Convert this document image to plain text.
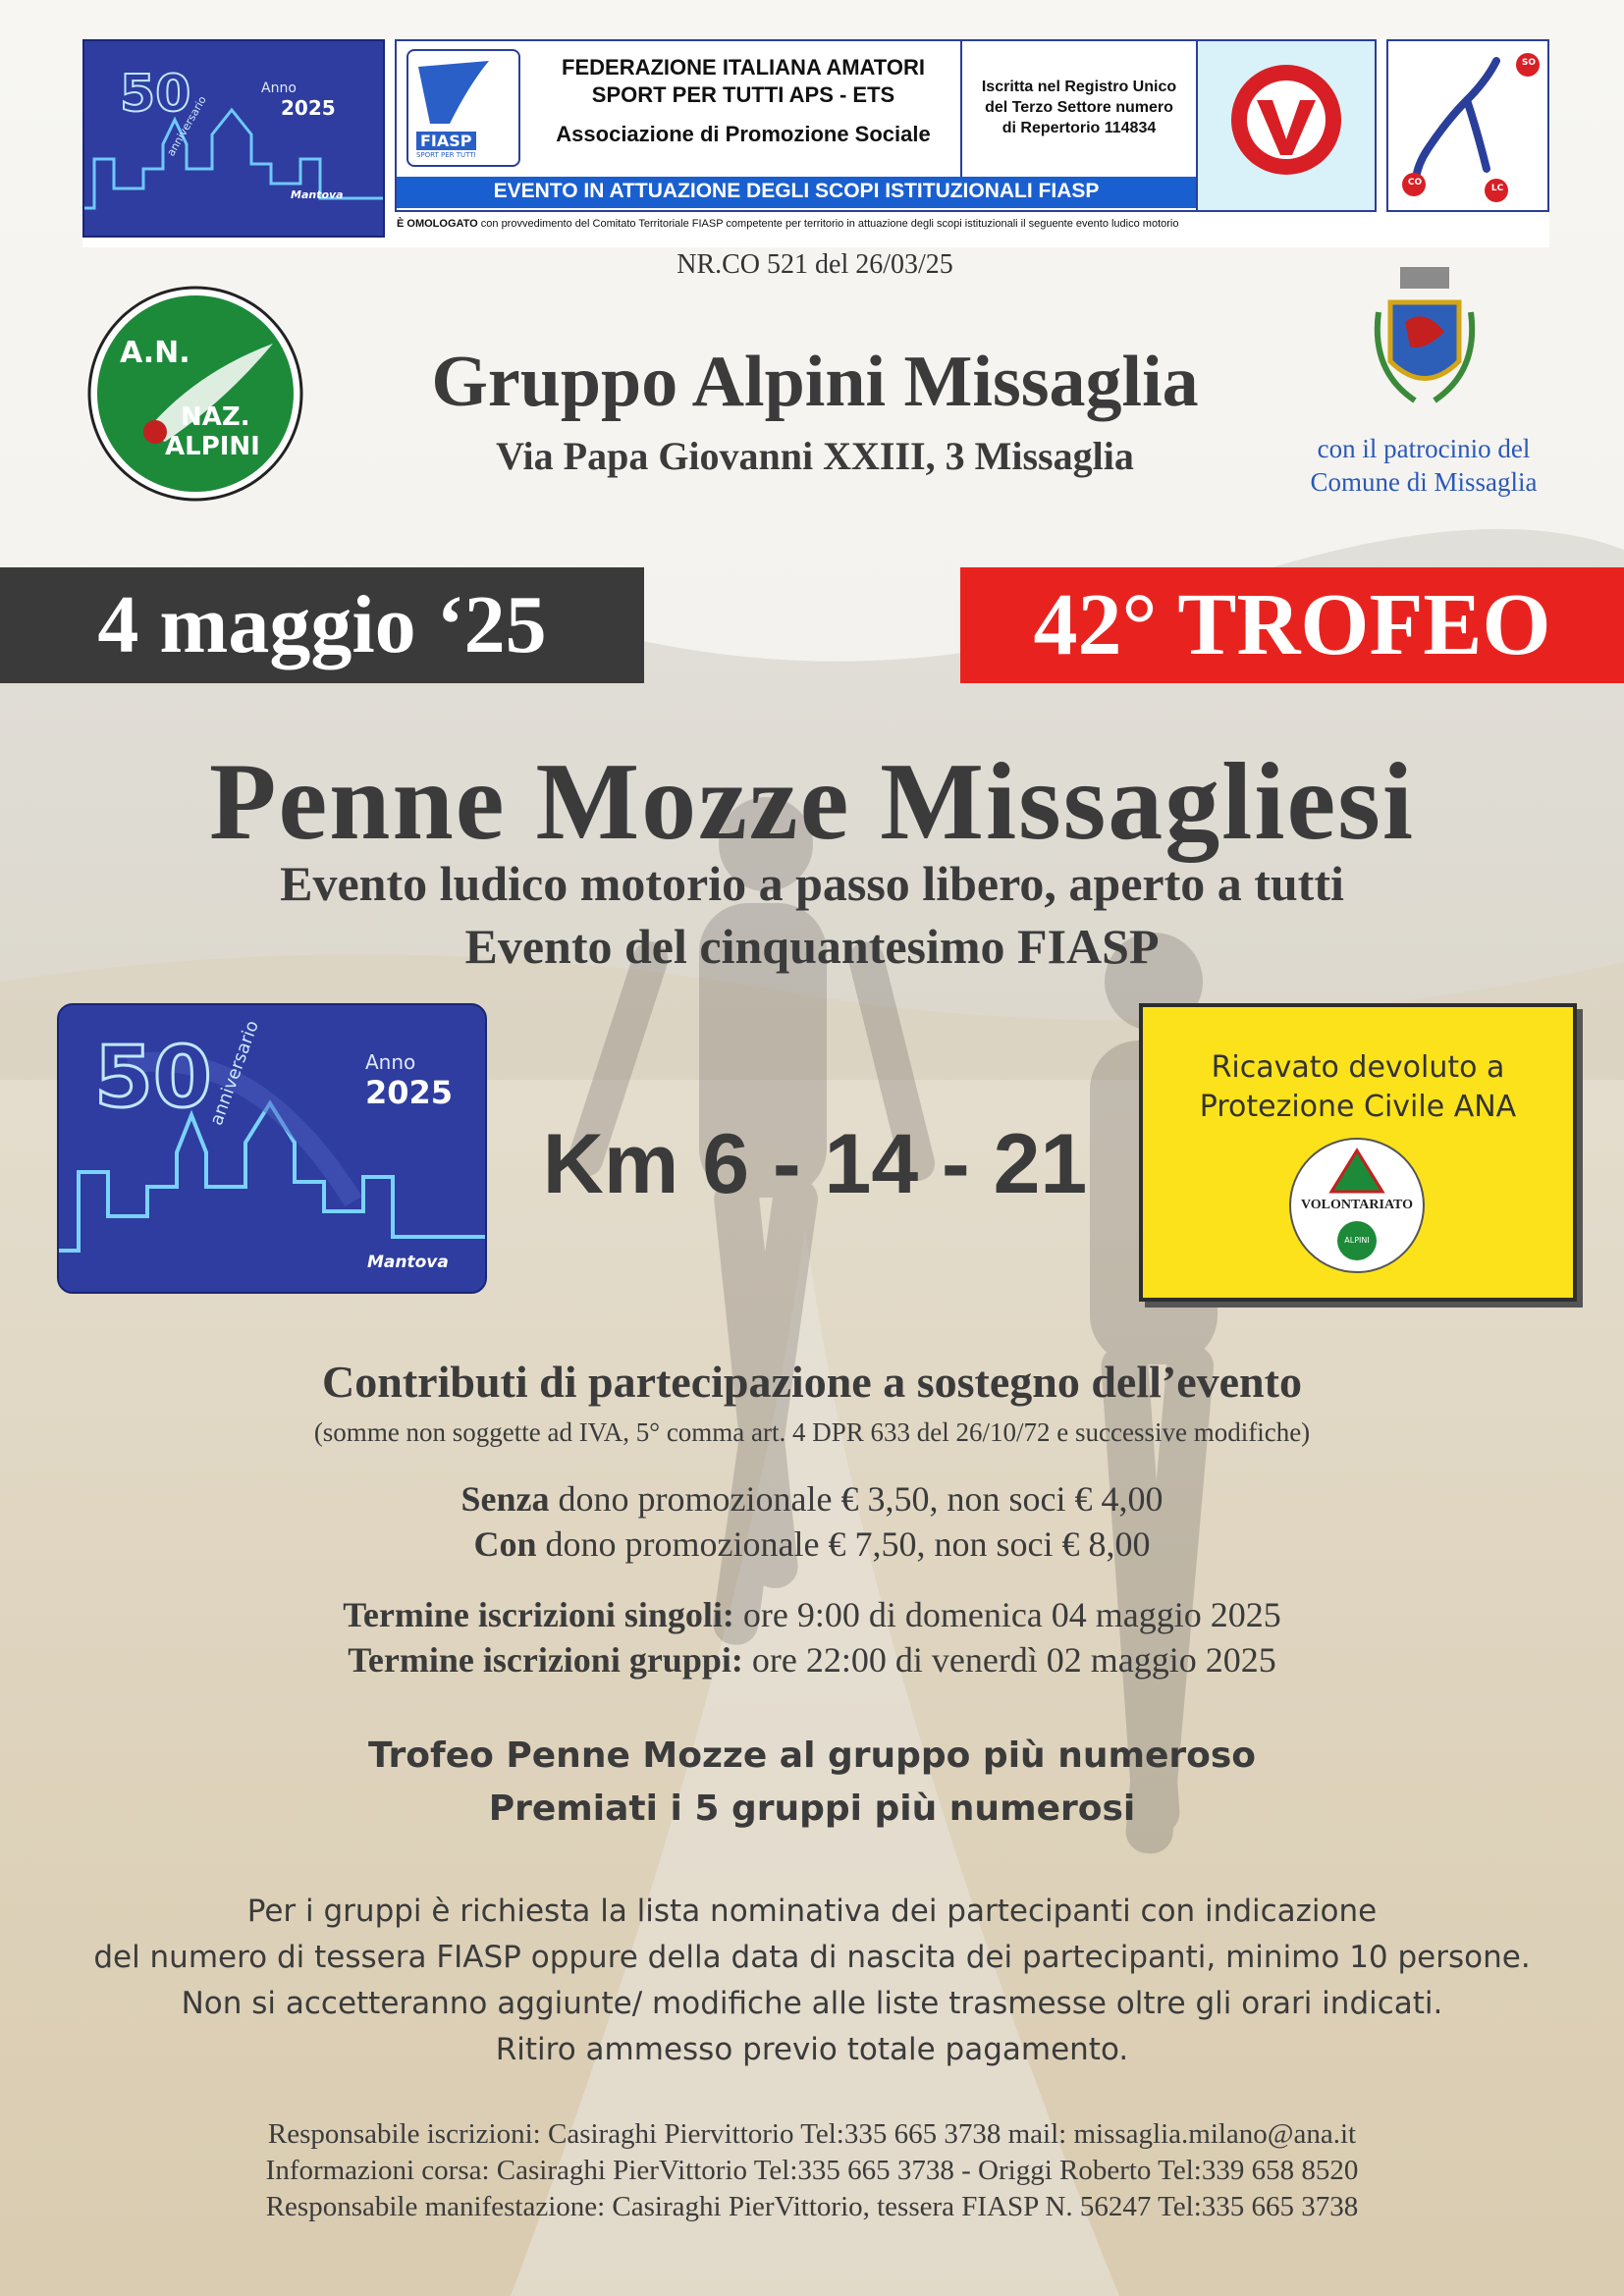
50
anniversario
Anno
2025
Mantova
FIASP
SPORT PER TUTTI
FEDERAZIONE ITALIANA AMATORI
SPORT PER TUTTI APS - ETS
Associazione di Promozione Sociale
Iscritta nel Registro Unico
del Terzo Settore numero
di Repertorio 114834
EVENTO IN ATTUAZIONE DEGLI SCOPI ISTITUZIONALI FIASP
SO
CO
LC
È OMOLOGATO con provvedimento del Comitato Territoriale FIASP competente per territorio in attuazione degli scopi istituzionali il seguente evento ludico motorio
NR.CO 521 del 26/03/25
A.N.
NAZ.
ALPINI
Gruppo Alpini Missaglia
Via Papa Giovanni XXIII, 3 Missaglia	con il patrocinio del
Comune di Missaglia
4 maggio ‘25	42° TROFEO
Penne Mozze Missagliesi
Evento ludico motorio a passo libero, aperto a tutti
Evento del cinquantesimo FIASP
50
anniversario	Anno
2025
Mantova
Km 6 - 14 - 21
Ricavato devoluto a
Protezione Civile ANA
VOLONTARIATO
ALPINI
Contributi di partecipazione a sostegno dell’evento
(somme non soggette ad IVA, 5° comma art. 4 DPR 633 del 26/10/72 e successive modifiche)
Senza dono promozionale € 3,50, non soci € 4,00
Con dono promozionale € 7,50, non soci € 8,00
Termine iscrizioni singoli: ore 9:00 di domenica 04 maggio 2025
Termine iscrizioni gruppi: ore 22:00 di venerdì 02 maggio 2025
Trofeo Penne Mozze al gruppo più numeroso
Premiati i 5 gruppi più numerosi
Per i gruppi è richiesta la lista nominativa dei partecipanti con indicazione
del numero di tessera FIASP oppure della data di nascita dei partecipanti, minimo 10 persone.
Non si accetteranno aggiunte/ modifiche alle liste trasmesse oltre gli orari indicati.
Ritiro ammesso previo totale pagamento.
Responsabile iscrizioni: Casiraghi Piervittorio Tel:335 665 3738 mail: missaglia.milano@ana.it
Informazioni corsa: Casiraghi PierVittorio Tel:335 665 3738 - Origgi Roberto Tel:339 658 8520
Responsabile manifestazione: Casiraghi PierVittorio, tessera FIASP N. 56247 Tel:335 665 3738
